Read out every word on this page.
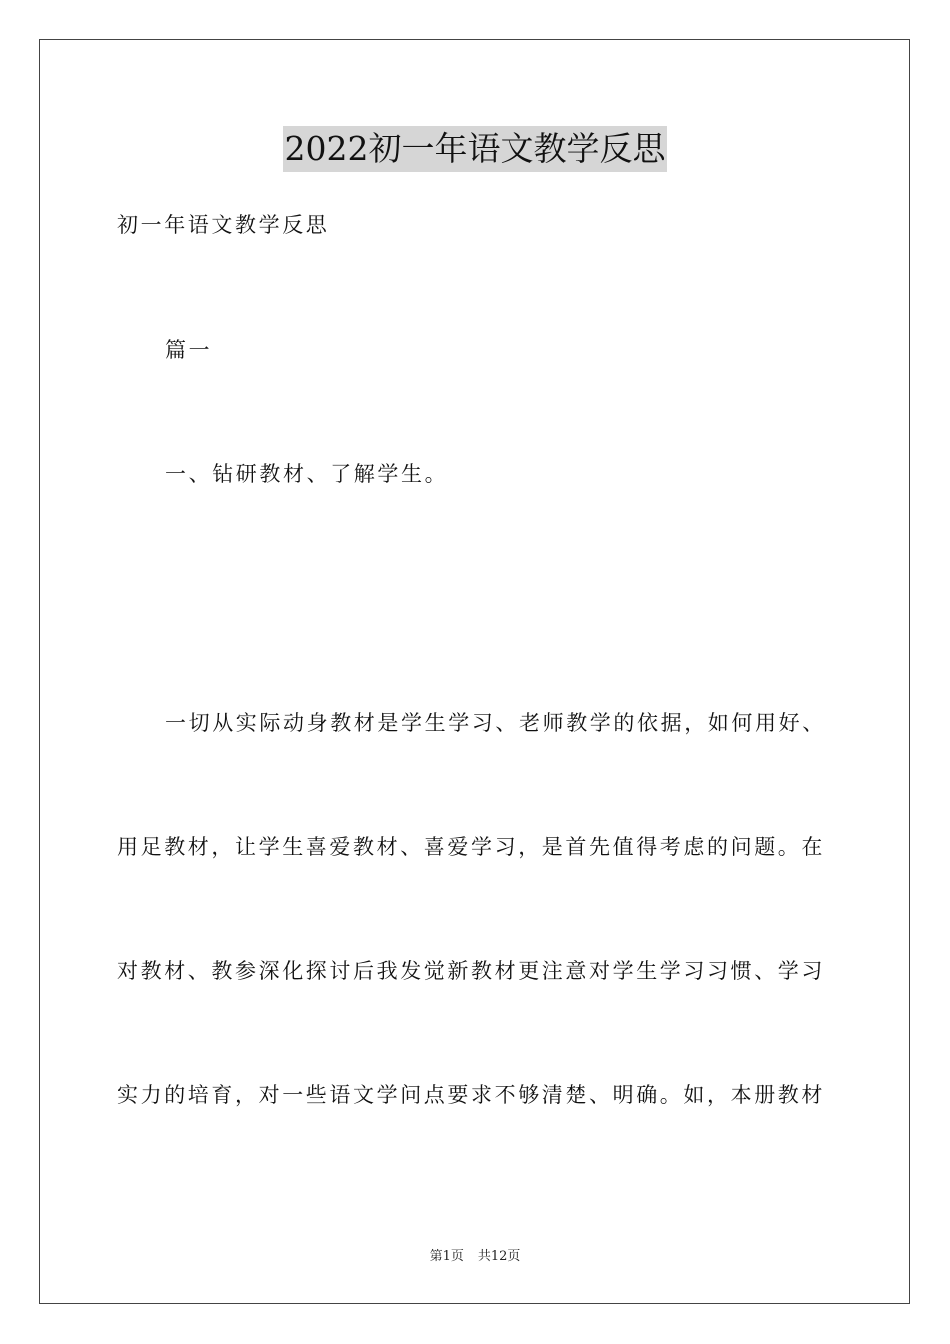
2022初一年语文教学反思
初一年语文教学反思
篇一
一、钻研教材、了解学生。
一切从实际动身教材是学生学习、老师教学的依据，如何用好、
用足教材，让学生喜爱教材、喜爱学习，是首先值得考虑的问题。在
对教材、教参深化探讨后我发觉新教材更注意对学生学习习惯、学习
实力的培育，对一些语文学问点要求不够清楚、明确。如，本册教材
第1页 共12页
